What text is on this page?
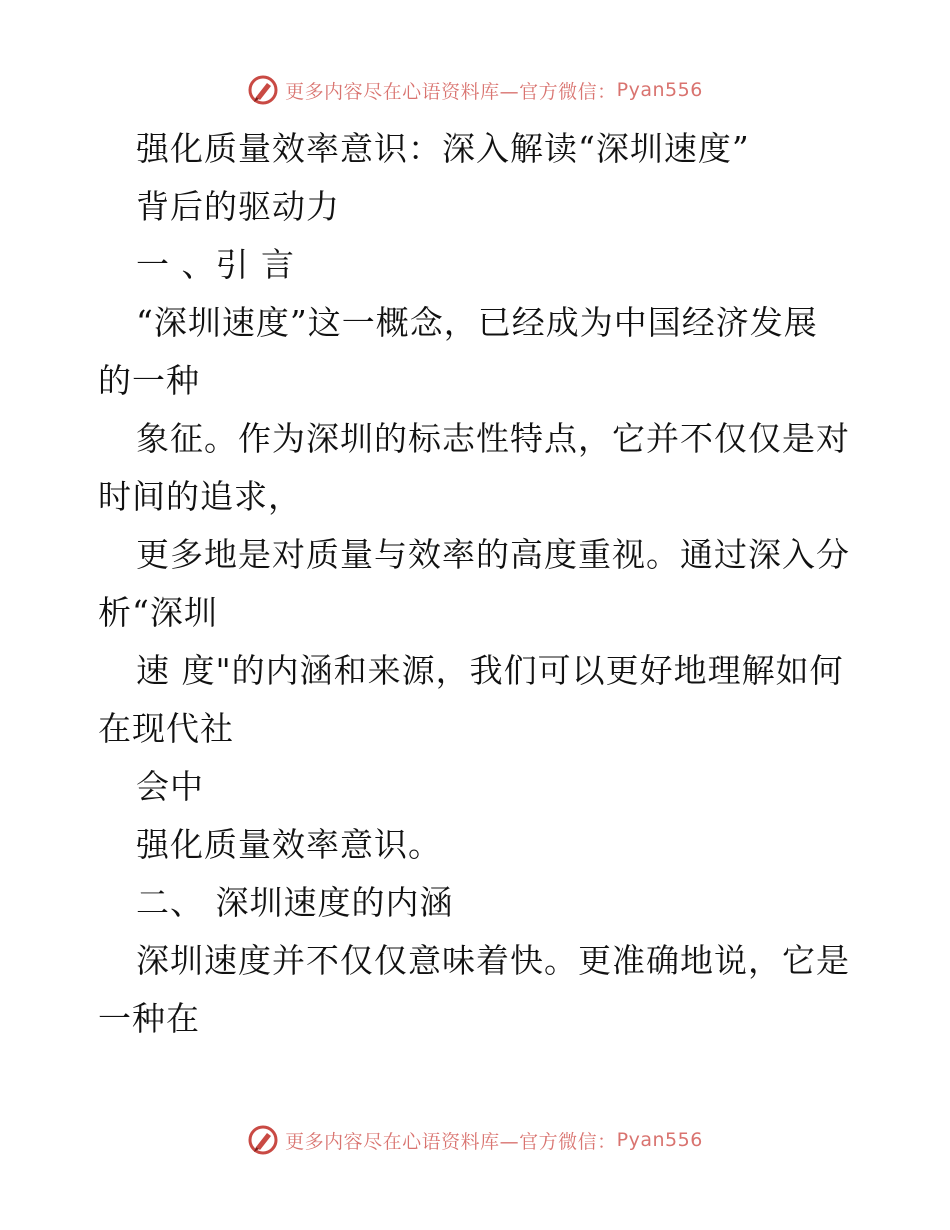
更多内容尽在心语资料库—官方微信： Pyan556
强化质量效率意识：深入解读“深圳速度”
背后的驱动力
一 、引 言
“深圳速度”这一概念，已经成为中国经济发展
的一种
象征。作为深圳的标志性特点，它并不仅仅是对
时间的追求，
更多地是对质量与效率的高度重视。通过深入分
析“深圳
速 度"的内涵和来源，我们可以更好地理解如何
在现代社
会中
强化质量效率意识。
二、 深圳速度的内涵
深圳速度并不仅仅意味着快。更准确地说，它是
一种在
更多内容尽在心语资料库—官方微信： Pyan556
